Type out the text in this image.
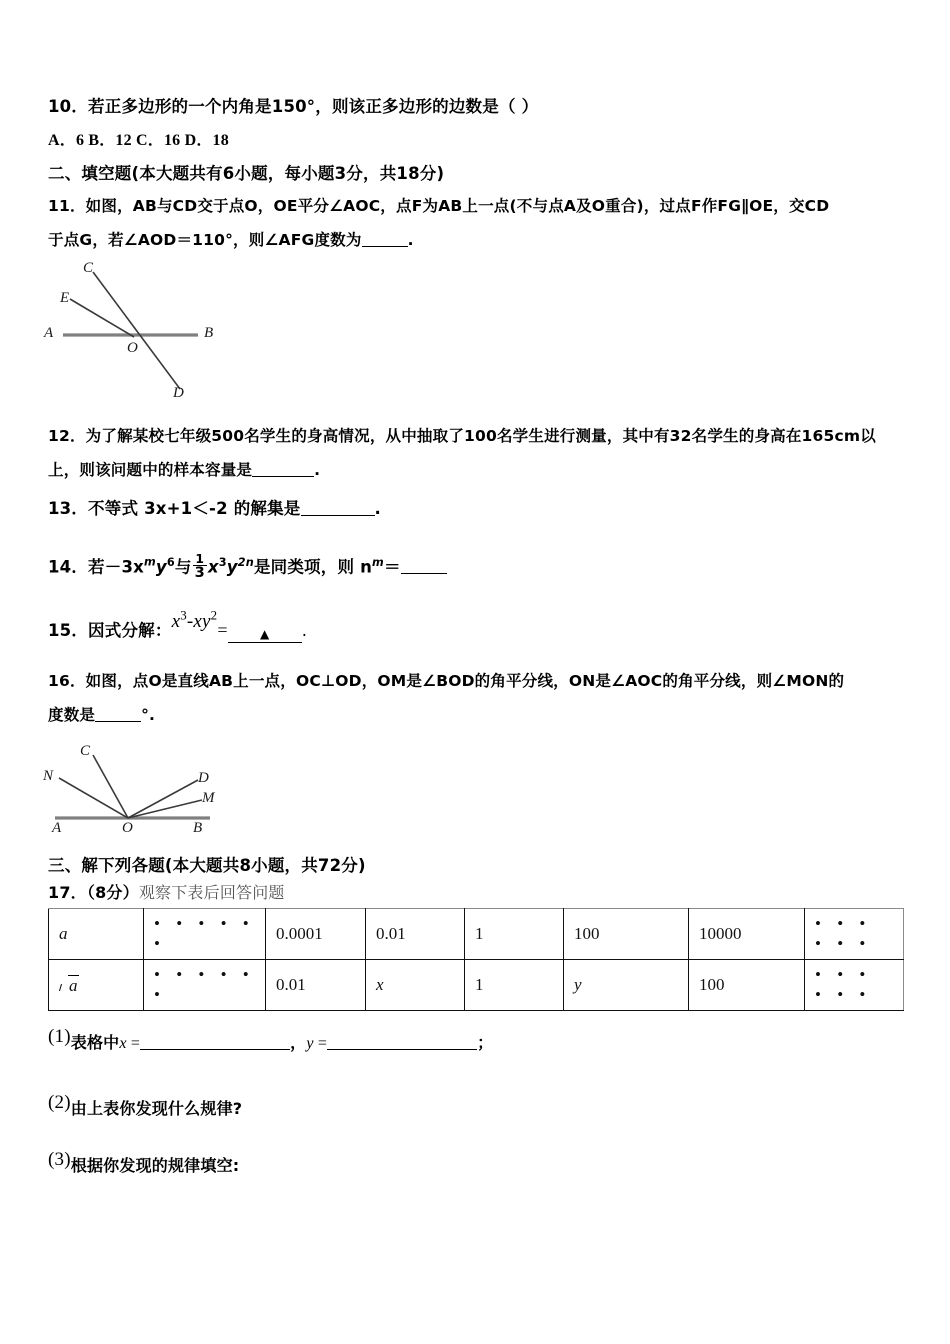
10．若正多边形的一个内角是150°，则该正多边形的边数是（ ）
A．6 B．12 C．16 D．18
二、填空题(本大题共有6小题，每小题3分，共18分)
11．如图，AB与CD交于点O，OE平分∠AOC，点F为AB上一点(不与点A及O重合)，过点F作FG∥OE，交CD
于点G，若∠AOD＝110°，则∠AFG度数为	.
C
E
A
O
B
D
12．为了解某校七年级500名学生的身高情况，从中抽取了100名学生进行测量，其中有32名学生的身高在165cm以
上，则该问题中的样本容量是	.
13．不等式 3x+1＜-2 的解集是	.
14．若$-3x^my^6$与 $\frac{1}{3} x^3y^{2n}$是同类项，则 $n^m=$
15．因式分解：$x^3-xy^2=$	▲ .
16．如图，点O是直线AB上一点，OC⊥OD，OM是∠BOD的角平分线，ON是∠AOC的角平分线，则∠MON的
度数是	°.
C
N	D
M
A	O	B
三、解下列各题(本大题共8小题，共72分)
17．（8分）观察下表后回答问题
a	• • • • • •	0.0001	0.01	1	100	10000	• • • • • •
a	• • • • • •	0.01	x	1	y	100	• • • • • •
(1)表格中x =	，y =	；
(2)由上表你发现什么规律?
(3)根据你发现的规律填空:
